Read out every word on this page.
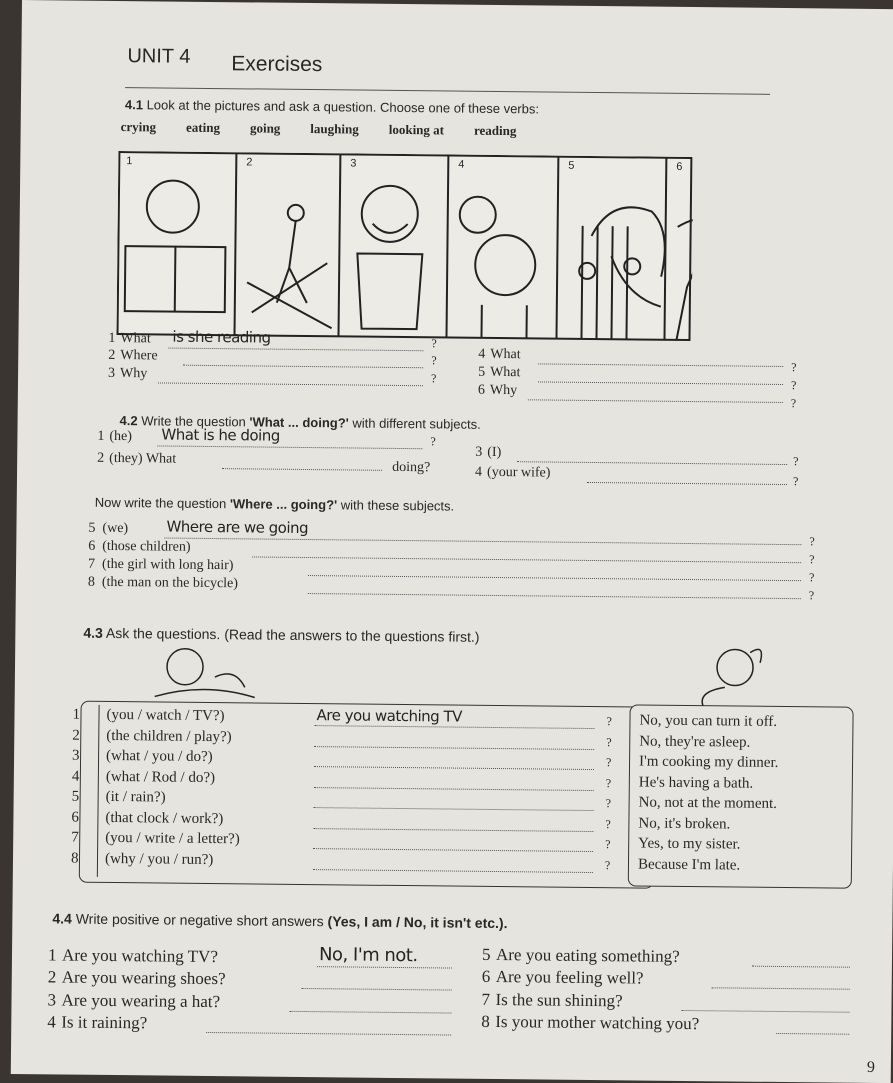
UNIT 4 Exercises
4.1 Look at the pictures and ask a question. Choose one of these verbs:
crying eating going laughing looking at reading
4.2 Write the question 'What ... doing?' with different subjects.
Now write the question 'Where ... going?' with these subjects.
4.3 Ask the questions. (Read the answers to the questions first.)
4.4 Write positive or negative short answers (Yes, I am / No, it isn't etc.).
9
1	2	3	4	5	6
1 What is she reading	?
2 Where	?
3 Why	?
4 What
?
5 What
?
6 Why
?
1 (he) What is he doing	?
2 (they) What
doing?
3 (I)
?
4 (your wife)
?
5 (we)	Where are we going
?
6 (those children)
?
7 (the girl with long hair)
?
8 (the man on the bicycle)
?
1 (you / watch / TV?)	Are you watching TV	? No, you can turn it off.
2 (the children / play?)	? No, they're asleep.
3 (what / you / do?)	? I'm cooking my dinner.
4 (what / Rod / do?)	? He's having a bath.
5 (it / rain?)	? No, not at the moment.
6 (that clock / work?)	? No, it's broken.
7 (you / write / a letter?)	? Yes, to my sister.
8 (why / you / run?)	? Because I'm late.
1 Are you watching TV?	No, I'm not.
2 Are you wearing shoes?
3 Are you wearing a hat?
4 Is it raining?
5 Are you eating something?
6 Are you feeling well?
7 Is the sun shining?
8 Is your mother watching you?
